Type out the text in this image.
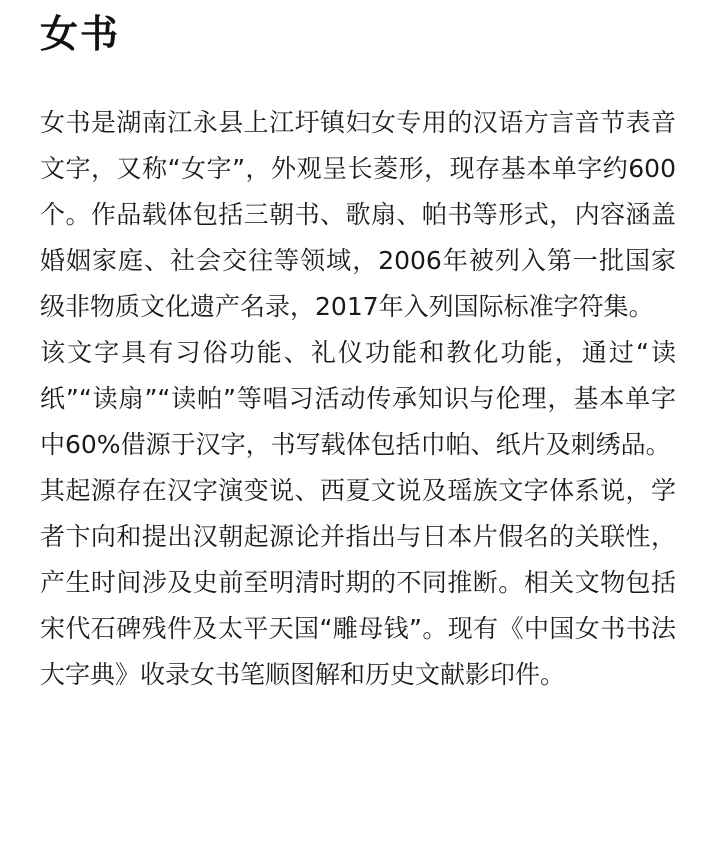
女书

女书是湖南江永县上江圩镇妇女专用的汉语方言音节表音文字，又称“女字”，外观呈长菱形，现存基本单字约600个。作品载体包括三朝书、歌扇、帕书等形式，内容涵盖婚姻家庭、社会交往等领域，2006年被列入第一批国家级非物质文化遗产名录，2017年入列国际标准字符集。

该文字具有习俗功能、礼仪功能和教化功能，通过“读纸”“读扇”“读帕”等唱习活动传承知识与伦理，基本单字中60%借源于汉字，书写载体包括巾帕、纸片及刺绣品。

其起源存在汉字演变说、西夏文说及瑶族文字体系说，学者卞向和提出汉朝起源论并指出与日本片假名的关联性，产生时间涉及史前至明清时期的不同推断。相关文物包括宋代石碑残件及太平天国“雕母钱”。现有《中国女书书法大字典》收录女书笔顺图解和历史文献影印件。
